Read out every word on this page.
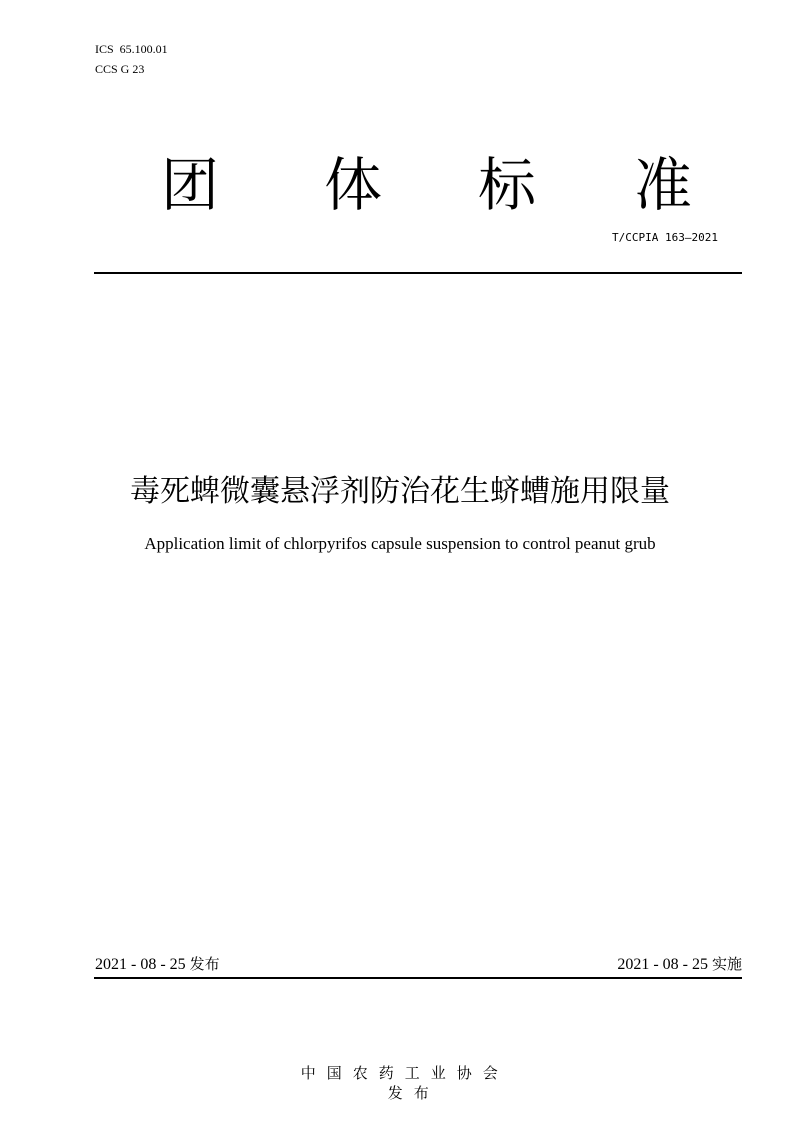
ICS  65.100.01
CCS G 23
团 体 标 准
T/CCPIA 163—2021
毒死蜱微囊悬浮剂防治花生蛴螬施用限量
Application limit of chlorpyrifos capsule suspension to control peanut grub
2021 - 08 - 25 发布	2021 - 08 - 25 实施

中国农药工业协会
发布
